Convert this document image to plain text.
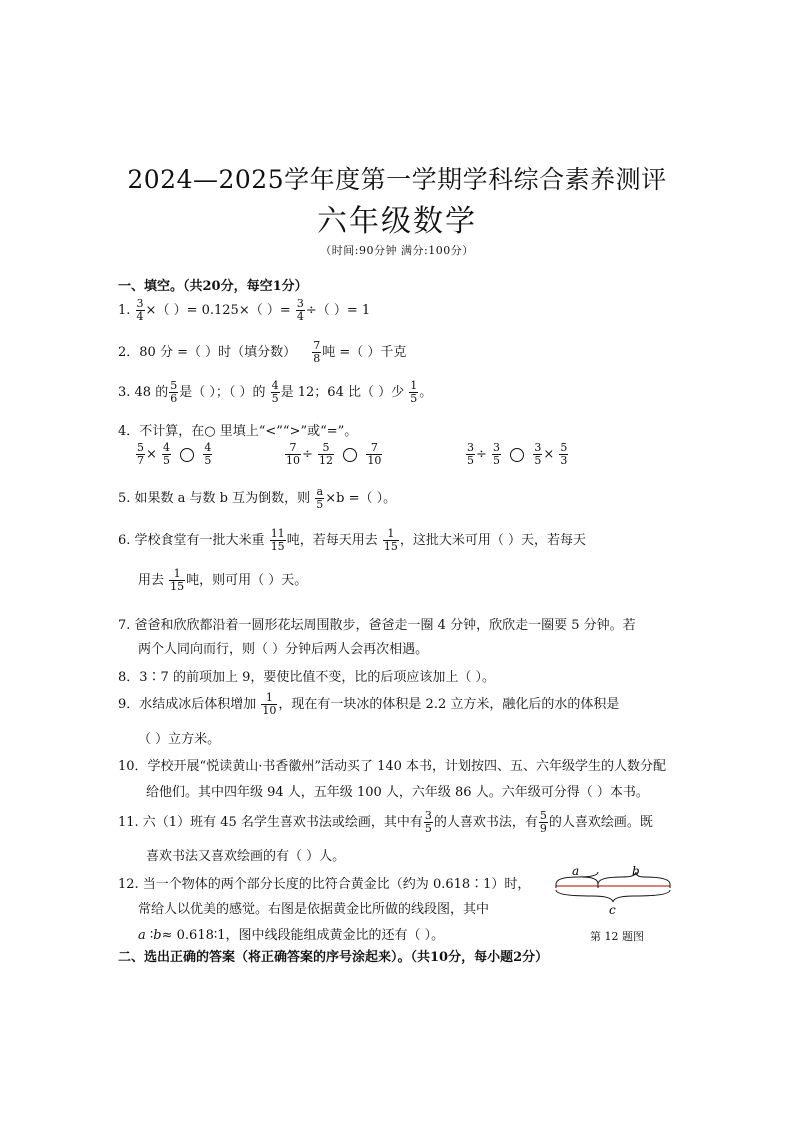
2024—2025学年度第一学期学科综合素养测评
六年级数学
（时间:90分钟 满分:100分）
一、填空。（共20分，每空1分）
1. $\frac{3}{4}$ ×（ ）= 0.125×（ ）= $\frac{3}{4}$ ÷（ ）= 1
2．80 分 =（ ）时（填分数） $\frac{7}{8}$ 吨 =（ ）千克
3. 48 的 $\frac{5}{6}$ 是（ ）；（ ）的 $\frac{4}{5}$ 是 12；64 比（ ）少 $\frac{1}{5}$ 。
4．不计算，在○ 里填上“<”“>”或“=”。
$\frac{5}{7} \times \frac{4}{5}$
	$\frac{4}{5}$	$\frac{7}{10} \div \frac{5}{12}$
	$\frac{7}{10}$	$\frac{3}{5} \div \frac{3}{5}$
	$\frac{3}{5} \times \frac{5}{3}$
5. 如果数 a 与数 b 互为倒数，则 $\frac{a}{5} \times b$ =（ ）。
6. 学校食堂有一批大米重 $\frac{11}{15}$ 吨，若每天用去 $\frac{1}{15}$ ，这批大米可用（ ）天，若每天
用去 $\frac{1}{15}$ 吨，则可用（ ）天。
7. 爸爸和欣欣都沿着一圆形花坛周围散步，爸爸走一圈 4 分钟，欣欣走一圈要 5 分钟。若
两个人同向而行，则（ ）分钟后两人会再次相遇。
8．3∶7 的前项加上 9，要使比值不变，比的后项应该加上（ ）。
9．水结成冰后体积增加 $\frac{1}{10}$ ，现在有一块冰的体积是 2.2 立方米，融化后的水的体积是
（ ）立方米。
10．学校开展“悦读黄山·书香徽州”活动买了 140 本书，计划按四、五、六年级学生的人数分配
给他们。其中四年级 94 人，五年级 100 人，六年级 86 人。六年级可分得（ ）本书。
11. 六（1）班有 45 名学生喜欢书法或绘画，其中有 $\frac{3}{5}$ 的人喜欢书法，有 $\frac{5}{9}$ 的人喜欢绘画。既
喜欢书法又喜欢绘画的有（ ）人。
12. 当一个物体的两个部分长度的比符合黄金比（约为 0.618∶1）时，
常给人以优美的感觉。右图是依据黄金比所做的线段图，其中
a ∶b≈ 0.618∶1，图中线段能组成黄金比的还有（ ）。
a	b
c
第 12 题图
二、选出正确的答案（将正确答案的序号涂起来）。（共10分，每小题2分）
